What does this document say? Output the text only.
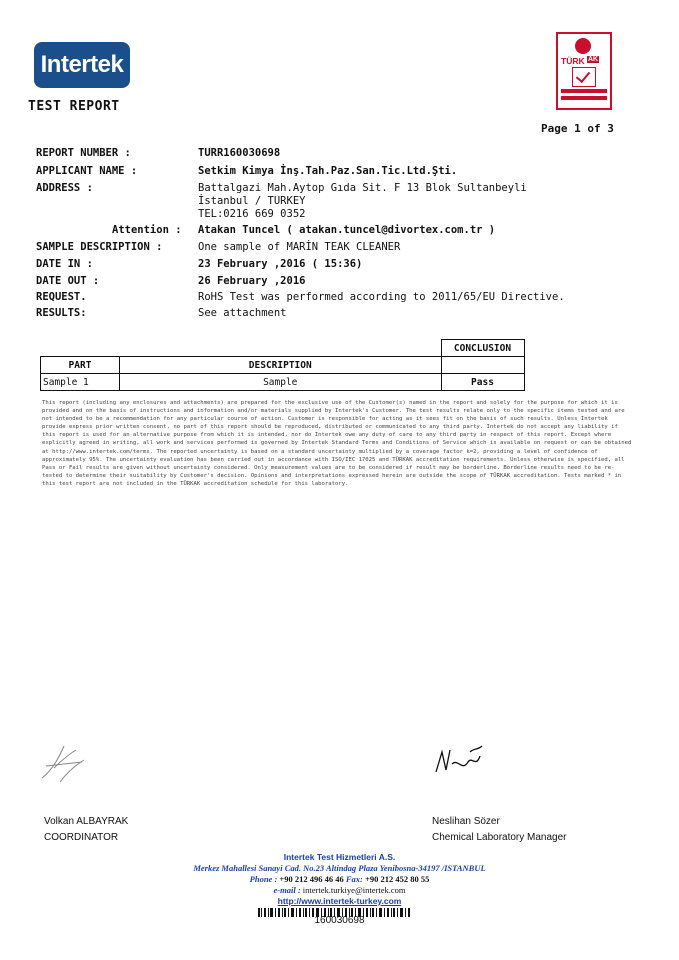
Intertek
TEST REPORT
TÜRK AK
Page 1 of 3
REPORT NUMBER :	TURR160030698
APPLICANT NAME :	Setkim Kimya İnş.Tah.Paz.San.Tic.Ltd.Şti.
ADDRESS :	Battalgazi Mah.Aytop Gıda Sit. F 13 Blok Sultanbeyli
İstanbul / TURKEY
TEL:0216 669 0352
Attention : Atakan Tuncel ( atakan.tuncel@divortex.com.tr )
SAMPLE DESCRIPTION :	One sample of MARİN TEAK CLEANER
DATE IN :	23 February ,2016 ( 15:36)
DATE OUT :	26 February ,2016
REQUEST.	RoHS Test was performed according to 2011/65/EU Directive.
RESULTS:	See attachment
		CONCLUSION
PART	DESCRIPTION	
Sample 1	Sample	Pass

This report (including any enclosures and attachments) are prepared for the exclusive use of the Customer(s) named in the report and solely for the purpose for which it is provided and on the basis of instructions and information and/or materials supplied by Intertek's Customer. The test results relate only to the specific items tested and are not intended to be a recommendation for any particular course of action. Customer is responsible for acting as it sees fit on the basis of such results. Unless Intertek provide express prior written consent, no part of this report should be reproduced, distributed or communicated to any third party. Intertek do not accept any liability if this report is used for an alternative purpose from which it is intended, nor do Intertek owe any duty of care to any third party in respect of this report. Except where explicitly agreed in writing, all work and services performed is governed by Intertek Standard Terms and Conditions of Service which is available on request or can be obtained at http://www.intertek.com/terms. The reported uncertainty is based on a standard uncertainty multiplied by a coverage factor k=2, providing a level of confidence of approximately 95%. The uncertainty evaluation has been carried out in accordance with ISO/IEC 17025 and TÜRKAK accreditation requirements. Unless otherwise is specified, all Pass or Fail results are given without uncertainty considered. Only measurement values are to be considered if result may be borderline. Borderline results need to be re-tested to determine their suitability by Customer's decision. Opinions and interpretations expressed herein are outside the scope of TÜRKAK accreditation. Tests marked * in this test report are not included in the TÜRKAK accreditation schedule for this laboratory.

Volkan ALBAYRAK
COORDINATOR
Neslihan Sözer
Chemical Laboratory Manager
Intertek Test Hizmetleri A.S.
Merkez Mahallesi Sanayi Cad. No.23 Altindag Plaza Yenibosna-34197 /ISTANBUL
Phone : +90 212 496 46 46 Fax: +90 212 452 80 55
e-mail : intertek.turkiye@intertek.com
http://www.intertek-turkey.com
160030698
